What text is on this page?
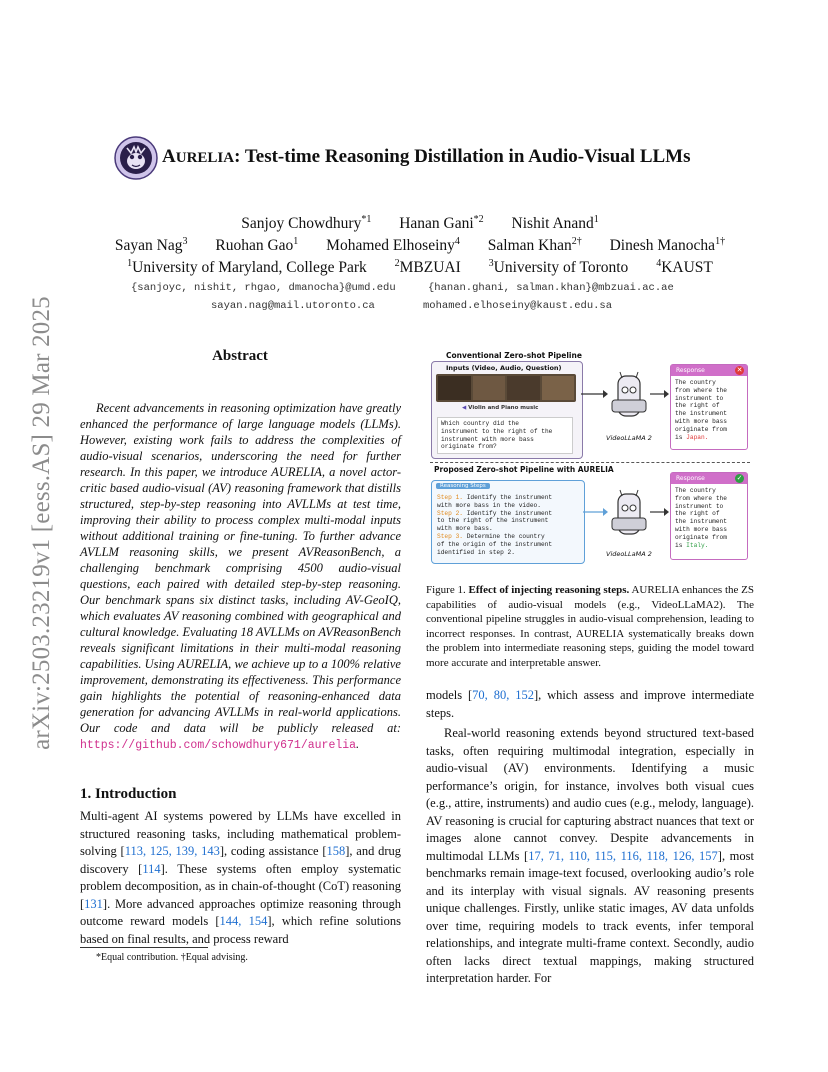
arXiv:2503.23219v1 [eess.AS] 29 Mar 2025
AURELIA: Test-time Reasoning Distillation in Audio-Visual LLMs
Sanjoy Chowdhury$^{*1}$ Hanan Gani$^{*2}$ Nishit Anand$^1$
Sayan Nag$^3$ Ruohan Gao$^1$ Mohamed Elhoseiny$^4$ Salman Khan$^{2\dagger}$ Dinesh Manocha$^{1\dagger}$
$^1$University of Maryland, College Park	$^2$MBZUAI	$^3$University of Toronto	$^4$KAUST
{sanjoyc, nishit, rhgao, dmanocha}@umd.edu	{hanan.ghani, salman.khan}@mbzuai.ac.ae
sayan.nag@mail.utoronto.ca	mohamed.elhoseiny@kaust.edu.sa
Abstract

Recent advancements in reasoning optimization have greatly enhanced the performance of large language models (LLMs). However, existing work fails to address the complexities of audio-visual scenarios, underscoring the need for further research. In this paper, we introduce AURELIA, a novel actor-critic based audio-visual (AV) reasoning framework that distills structured, step-by-step reasoning into AVLLMs at test time, improving their ability to process complex multi-modal inputs without additional training or fine-tuning. To further advance AVLLM reasoning skills, we present AVReasonBench, a challenging benchmark comprising 4500 audio-visual questions, each paired with detailed step-by-step reasoning. Our benchmark spans six distinct tasks, including AV-GeoIQ, which evaluates AV reasoning combined with geographical and cultural knowledge. Evaluating 18 AVLLMs on AVReasonBench reveals significant limitations in their multi-modal reasoning capabilities. Using AURELIA, we achieve up to a 100% relative improvement, demonstrating its effectiveness. This performance gain highlights the potential of reasoning-enhanced data generation for advancing AVLLMs in real-world applications. Our code and data will be publicly released at: https://github.com/schowdhury671/aurelia.

1. Introduction

Multi-agent AI systems powered by LLMs have excelled in structured reasoning tasks, including mathematical problem-solving [113, 125, 139, 143], coding assistance [158], and drug discovery [114]. These systems often employ systematic problem decomposition, as in chain-of-thought (CoT) reasoning [131]. More advanced approaches optimize reasoning through outcome reward models [144, 154], which refine solutions based on final results, and process reward

*Equal contribution. †Equal advising.
Conventional Zero-shot Pipeline
Inputs (Video, Audio, Question)
◀ Violin and Piano music
Which country did the
instrument to the right of the
instrument with more bass
originate from?
VideoLLaMA 2
Response	✕
The country
from where the
instrument to
the right of
the instrument
with more bass
originate from
is Japan.
Proposed Zero-shot Pipeline with AURELIA
Reasoning Steps
Step 1. Identify the instrument
with more bass in the video.
Step 2. Identify the instrument
to the right of the instrument
with more bass.
Step 3. Determine the country
of the origin of the instrument
identified in step 2.	VideoLLaMA 2
Response	✓
The country
from where the
instrument to
the right of
the instrument
with more bass
originate from
is Italy.

Figure 1. Effect of injecting reasoning steps. AURELIA enhances the ZS capabilities of audio-visual models (e.g., VideoLLaMA2). The conventional pipeline struggles in audio-visual comprehension, leading to incorrect responses. In contrast, AURELIA systematically breaks down the problem into intermediate reasoning steps, guiding the model toward more accurate and interpretable answer.

models [70, 80, 152], which assess and improve intermediate steps.

Real-world reasoning extends beyond structured text-based tasks, often requiring multimodal integration, especially in audio-visual (AV) environments. Identifying a music performance’s origin, for instance, involves both visual cues (e.g., attire, instruments) and audio cues (e.g., melody, language). AV reasoning is crucial for capturing abstract nuances that text or images alone cannot convey. Despite advancements in multimodal LLMs [17, 71, 110, 115, 116, 118, 126, 157], most benchmarks remain image-text focused, overlooking audio’s role and its interplay with visual signals. AV reasoning presents unique challenges. Firstly, unlike static images, AV data unfolds over time, requiring models to track events, infer temporal relationships, and integrate multi-frame context. Secondly, audio often lacks direct textual mappings, making structured interpretation harder. For
